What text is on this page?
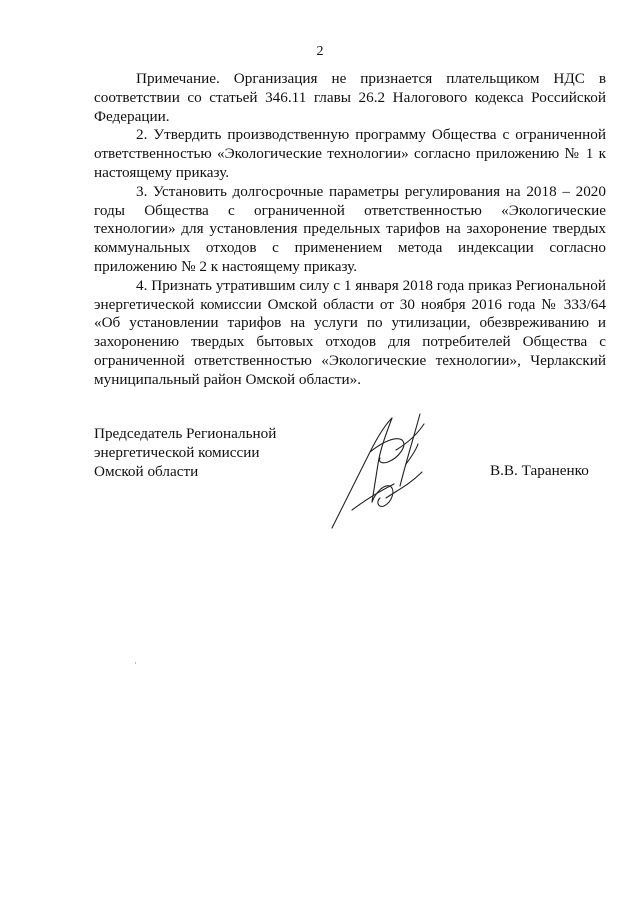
2

Примечание. Организация не признается плательщиком НДС в соответствии со статьей 346.11 главы 26.2 Налогового кодекса Российской Федерации.

2. Утвердить производственную программу Общества с ограниченной ответственностью «Экологические технологии» согласно приложению № 1 к настоящему приказу.

3. Установить долгосрочные параметры регулирования на 2018 – 2020 годы Общества с ограниченной ответственностью «Экологические технологии» для установления предельных тарифов на захоронение твердых коммунальных отходов с применением метода индексации согласно приложению № 2 к настоящему приказу.

4. Признать утратившим силу с 1 января 2018 года приказ Региональной энергетической комиссии Омской области от 30 ноября 2016 года № 333/64 «Об установлении тарифов на услуги по утилизации, обезвреживанию и захоронению твердых бытовых отходов для потребителей Общества с ограниченной ответственностью «Экологические технологии», Черлакский муниципальный район Омской области».

Председатель Региональной
энергетической комиссии
Омской области	В.В. Тараненко
